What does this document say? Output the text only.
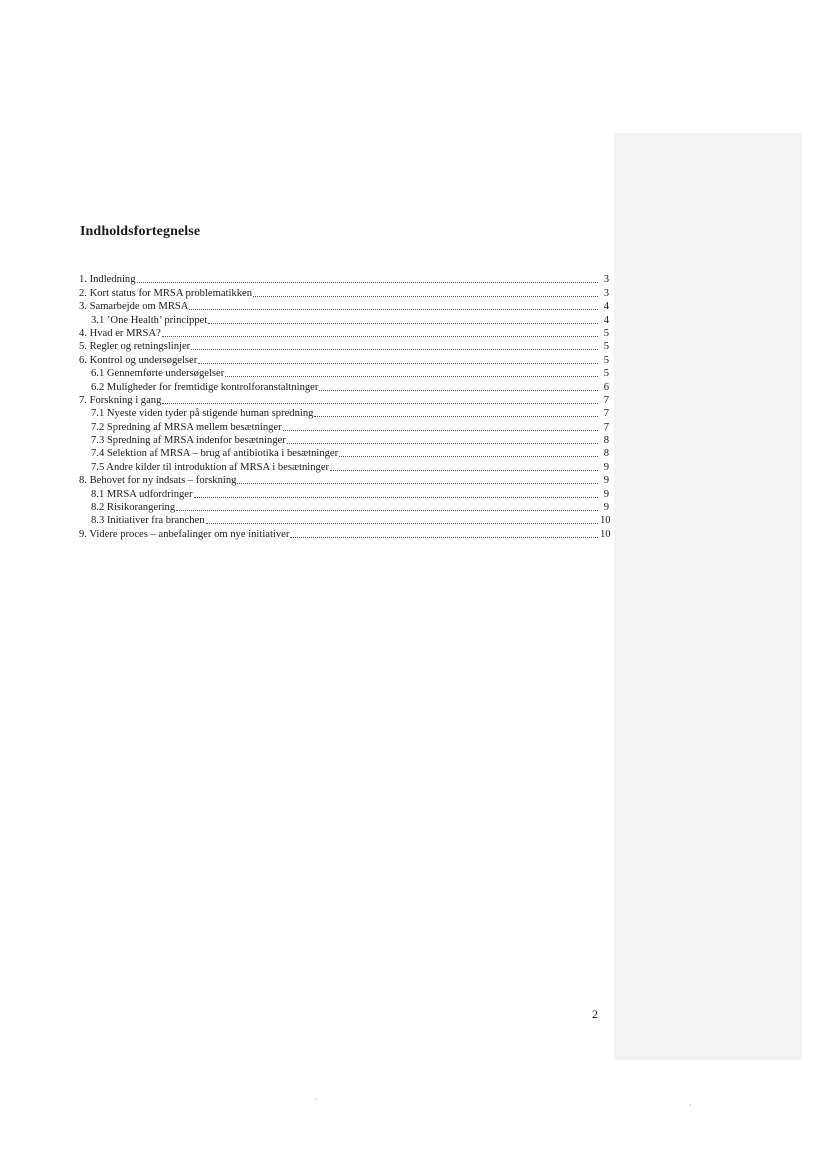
Indholdsfortegnelse
1. Indledning	3
2. Kort status for MRSA problematikken	3
3. Samarbejde om MRSA	4
3.1 ’One Health’ princippet	4
4. Hvad er MRSA?	5
5. Regler og retningslinjer	5
6. Kontrol og undersøgelser	5
6.1 Gennemførte undersøgelser	5
6.2 Muligheder for fremtidige kontrolforanstaltninger	6
7. Forskning i gang	7
7.1 Nyeste viden tyder på stigende human spredning	7
7.2 Spredning af MRSA mellem besætninger	7
7.3 Spredning af MRSA indenfor besætninger	8
7.4 Selektion af MRSA – brug af antibiotika i besætninger	8
7.5 Andre kilder til introduktion af MRSA i besætninger	9
8. Behovet for ny indsats – forskning	9
8.1 MRSA udfordringer	9
8.2 Risikorangering	9
8.3 Initiativer fra branchen	10
9. Videre proces – anbefalinger om nye initiativer	10
2
